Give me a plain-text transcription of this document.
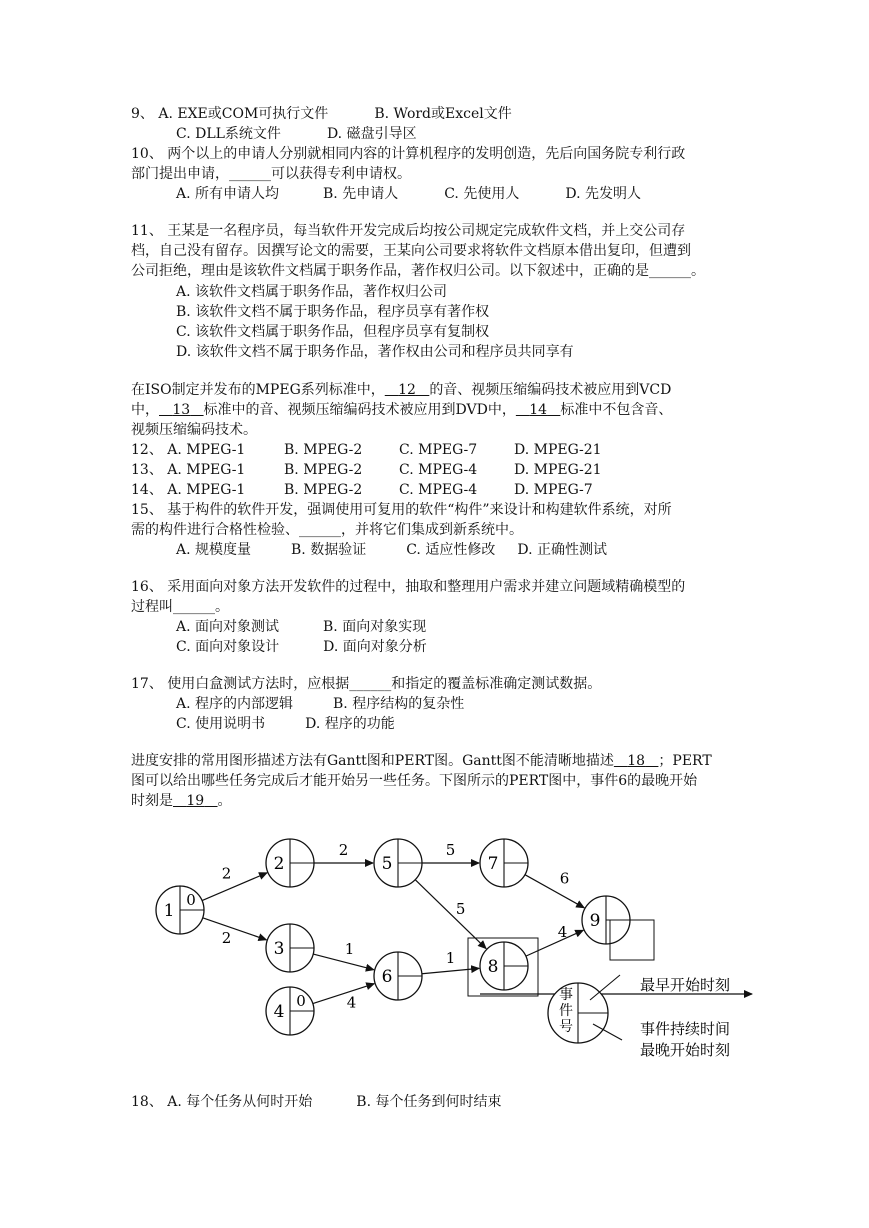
9、 A. EXE或COM可执行文件	B. Word或Excel文件
C. DLL系统文件	D. 磁盘引导区
10、 两个以上的申请人分别就相同内容的计算机程序的发明创造，先后向国务院专利行政
部门提出申请，______可以获得专利申请权。
A. 所有申请人均	B. 先申请人	C. 先使用人	D. 先发明人
11、 王某是一名程序员，每当软件开发完成后均按公司规定完成软件文档，并上交公司存
档，自己没有留存。因撰写论文的需要，王某向公司要求将软件文档原本借出复印，但遭到
公司拒绝，理由是该软件文档属于职务作品，著作权归公司。以下叙述中，正确的是______。
A. 该软件文档属于职务作品，著作权归公司
B. 该软件文档不属于职务作品，程序员享有著作权
C. 该软件文档属于职务作品，但程序员享有复制权
D. 该软件文档不属于职务作品，著作权由公司和程序员共同享有
在ISO制定并发布的MPEG系列标准中， 12 的音、视频压缩编码技术被应用到VCD
中， 13 标准中的音、视频压缩编码技术被应用到DVD中， 14 标准中不包含音、
视频压缩编码技术。
12、 A. MPEG-1	B. MPEG-2	C. MPEG-7	D. MPEG-21
13、 A. MPEG-1	B. MPEG-2	C. MPEG-4	D. MPEG-21
14、 A. MPEG-1	B. MPEG-2	C. MPEG-4	D. MPEG-7
15、 基于构件的软件开发，强调使用可复用的软件“构件”来设计和构建软件系统，对所
需的构件进行合格性检验、______，并将它们集成到新系统中。
A. 规模度量	B. 数据验证	C. 适应性修改 D. 正确性测试
16、 采用面向对象方法开发软件的过程中，抽取和整理用户需求并建立问题域精确模型的
过程叫______。
A. 面向对象测试	B. 面向对象实现
C. 面向对象设计	D. 面向对象分析
17、 使用白盒测试方法时，应根据______和指定的覆盖标准确定测试数据。
A. 程序的内部逻辑	B. 程序结构的复杂性
C. 使用说明书	D. 程序的功能
进度安排的常用图形描述方法有Gantt图和PERT图。Gantt图不能清晰地描述 18 ；PERT
图可以给出哪些任务完成后才能开始另一些任务。下图所示的PERT图中，事件6的最晚开始
时刻是 19 。
2
2
2	5
5
1
4
1
6
4
1
0
2
3
4
0
5
6
7
8
9
事件号
最早开始时刻
事件持续时间
最晚开始时刻
18、 A. 每个任务从何时开始	B. 每个任务到何时结束
